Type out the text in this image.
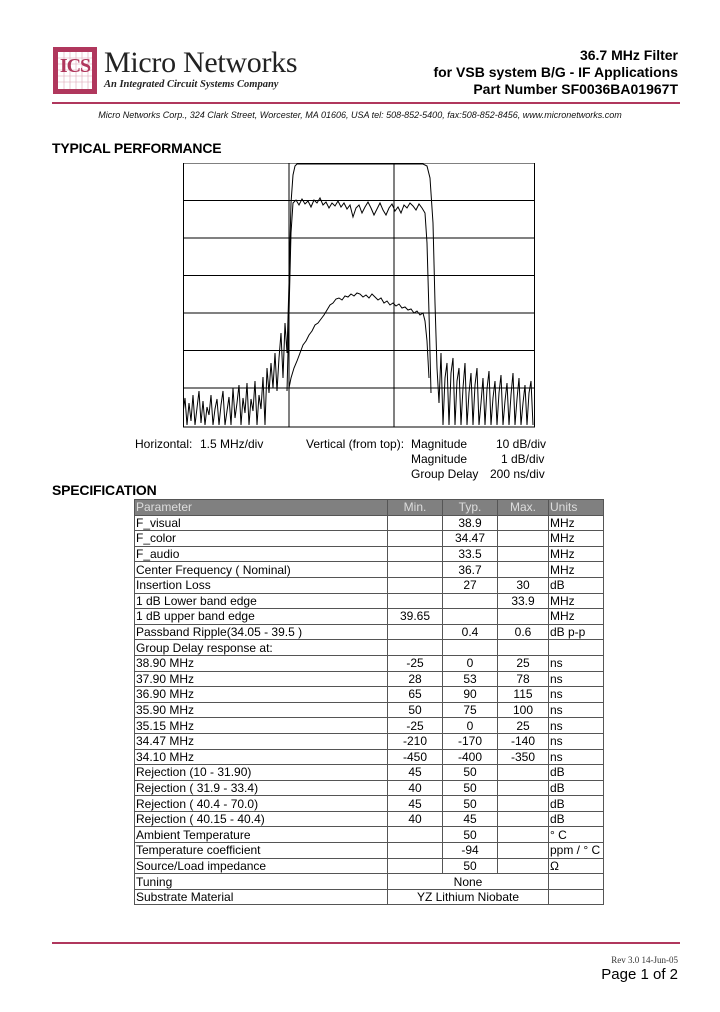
ICS Micro Networks
An Integrated Circuit Systems Company
36.7 MHz Filter
for VSB system B/G - IF Applications
Part Number SF0036BA01967T
Micro Networks Corp., 324 Clark Street, Worcester, MA 01606, USA tel: 508-852-5400, fax:508-852-8456, www.micronetworks.com
TYPICAL PERFORMANCE
Horizontal: 1.5 MHz/div	Vertical (from top): Magnitude 10 dB/div
Magnitude	1 dB/div
Group Delay 200 ns/div
SPECIFICATION
Parameter	Min.	Typ.	Max.	Units
F_visual		38.9		MHz
F_color		34.47		MHz
F_audio		33.5		MHz
Center Frequency ( Nominal)		36.7		MHz
Insertion Loss		27	30	dB
1 dB Lower band edge			33.9	MHz
1 dB upper band edge	39.65			MHz
Passband Ripple(34.05 - 39.5 )		0.4	0.6	dB p-p
Group Delay response at:				
38.90 MHz	-25	0	25	ns
37.90 MHz	28	53	78	ns
36.90 MHz	65	90	115	ns
35.90 MHz	50	75	100	ns
35.15 MHz	-25	0	25	ns
34.47 MHz	-210	-170	-140	ns
34.10 MHz	-450	-400	-350	ns
Rejection (10 - 31.90)	45	50		dB
Rejection ( 31.9 - 33.4)	40	50		dB
Rejection ( 40.4 - 70.0)	45	50		dB
Rejection ( 40.15 - 40.4)	40	45		dB
Ambient Temperature		50		° C
Temperature coefficient		-94		ppm / ° C
Source/Load impedance		50		Ω
Tuning	None			
Substrate Material	YZ Lithium Niobate			
Rev 3.0 14-Jun-05
Page 1 of 2
